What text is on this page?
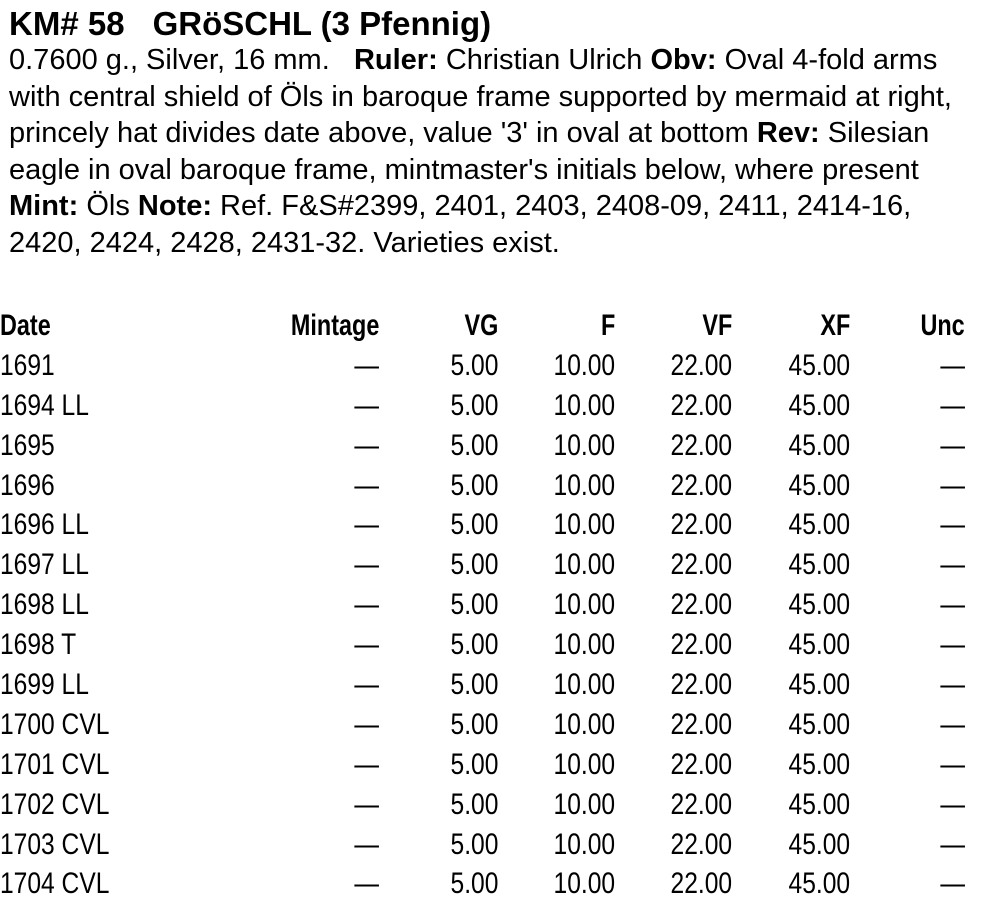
KM# 58 GRöSCHL (3 Pfennig)
0.7600 g., Silver, 16 mm. Ruler: Christian Ulrich Obv: Oval 4-fold arms with central shield of Öls in baroque frame supported by mermaid at right, princely hat divides date above, value '3' in oval at bottom Rev: Silesian eagle in oval baroque frame, mintmaster's initials below, where present Mint: Öls Note: Ref. F&S#2399, 2401, 2403, 2408-09, 2411, 2414-16, 2420, 2424, 2428, 2431-32. Varieties exist.
Date	Mintage	VG	F	VF	XF Unc
1691	— 5.00 10.00 22.00 45.00	—
1694 LL	— 5.00 10.00 22.00 45.00	—
1695	— 5.00 10.00 22.00 45.00	—
1696	— 5.00 10.00 22.00 45.00	—
1696 LL	— 5.00 10.00 22.00 45.00	—
1697 LL	— 5.00 10.00 22.00 45.00	—
1698 LL	— 5.00 10.00 22.00 45.00	—
1698 T	— 5.00 10.00 22.00 45.00	—
1699 LL	— 5.00 10.00 22.00 45.00	—
1700 CVL	— 5.00 10.00 22.00 45.00	—
1701 CVL	— 5.00 10.00 22.00 45.00	—
1702 CVL	— 5.00 10.00 22.00 45.00	—
1703 CVL	— 5.00 10.00 22.00 45.00	—
1704 CVL	— 5.00 10.00 22.00 45.00	—
